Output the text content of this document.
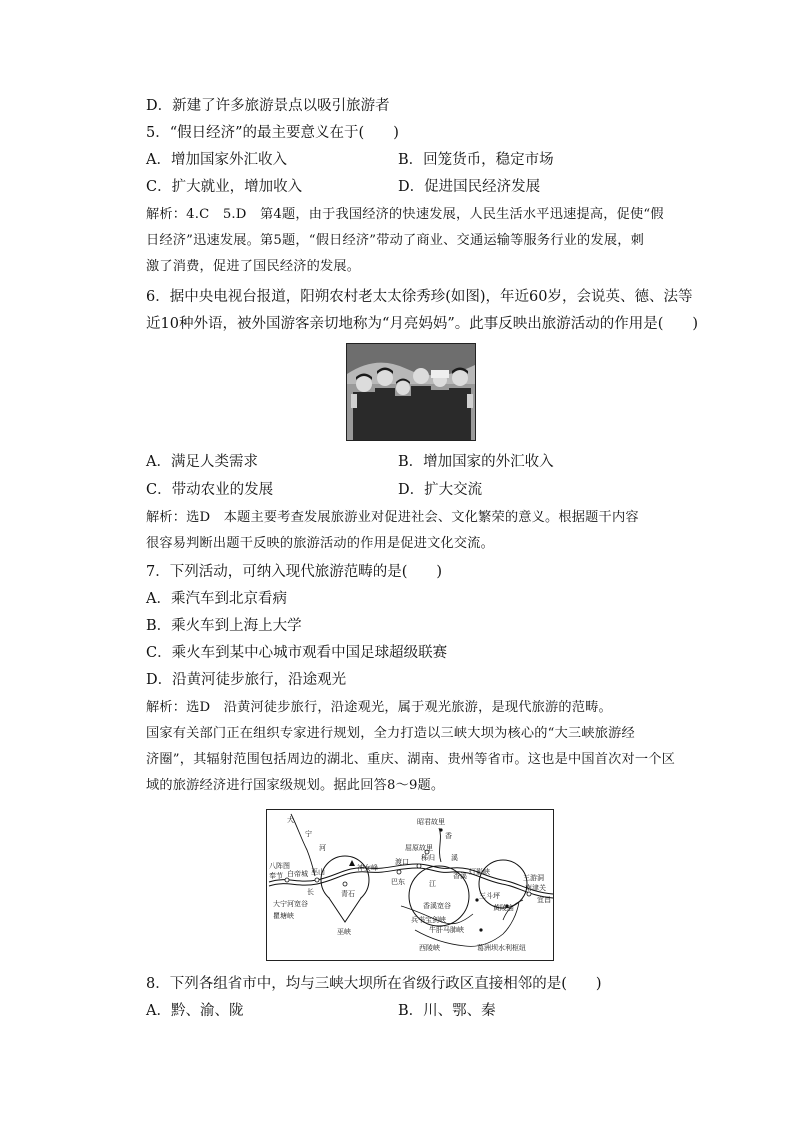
D．新建了许多旅游景点以吸引旅游者
5．“假日经济”的最主要意义在于(　　)
A．增加国家外汇收入	B．回笼货币，稳定市场
C．扩大就业，增加收入	D．促进国民经济发展
解析：4.C　5.D　第4题，由于我国经济的快速发展，人民生活水平迅速提高，促使“假
日经济”迅速发展。第5题，“假日经济”带动了商业、交通运输等服务行业的发展，刺
激了消费，促进了国民经济的发展。
6．据中央电视台报道，阳朔农村老太太徐秀珍(如图)，年近60岁，会说英、德、法等
近10种外语，被外国游客亲切地称为“月亮妈妈”。此事反映出旅游活动的作用是(　　)
A．满足人类需求	B．增加国家的外汇收入
C．带动农业的发展	D．扩大交流
解析：选D　本题主要考查发展旅游业对促进社会、文化繁荣的意义。根据题干内容
很容易判断出题干反映的旅游活动的作用是促进文化交流。
7．下列活动，可纳入现代旅游范畴的是(　　)
A．乘汽车到北京看病
B．乘火车到上海上大学
C．乘火车到某中心城市观看中国足球超级联赛
D．沿黄河徒步旅行，沿途观光
解析：选D　沿黄河徒步旅行，沿途观光，属于观光旅游，是现代旅游的范畴。
国家有关部门正在组织专家进行规划，全力打造以三峡大坝为核心的“大三峡旅游经
济圈”，其辐射范围包括周边的湖北、重庆、湖南、贵州等省市。这也是中国首次对一个区
域的旅游经济进行国家级规划。据此回答8～9题。
大
宁
河
昭君故里
香
屈原故里
溪
八阵图
奉节 白帝城 巫山	神女峰
渡口 秭归
灯影峡
三游洞
南津关
宜昌
长	青石
巴东	江
香溪
大宁河宽谷	香溪宽谷
三斗坪
瞿塘峡	兵书宝剑峡
黄陵庙
牛肝马肺峡
巫峡
西陵峡	葛洲坝水利枢纽
8．下列各组省市中，均与三峡大坝所在省级行政区直接相邻的是(　　)
A．黔、渝、陇	B．川、鄂、秦
